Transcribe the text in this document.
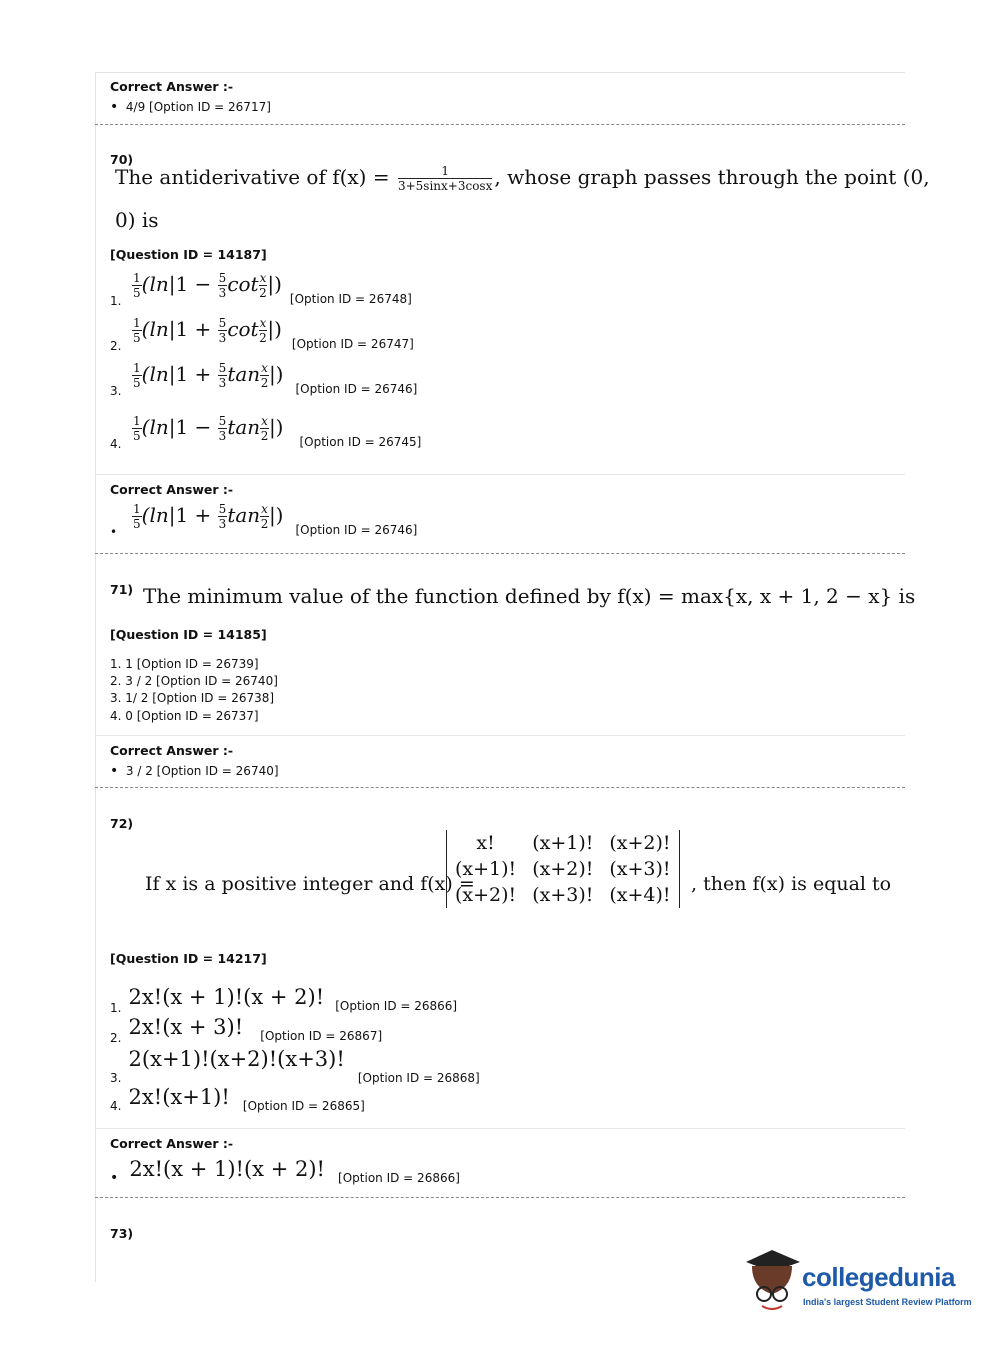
Correct Answer :-
• 4/9 [Option ID = 26717]
70)
The antiderivative of $f(x) = \frac{1}{3+5\sin x+3\cos x}$ , whose graph passes through the point (0,
0) is
[Question ID = 14187]
1.
$\frac{1}{5} (\ln|1 - \frac{5}{3}$ $\cot \frac{x}{2} |)_{[Option ID = 26748]}$
2.
$\frac{1}{5} (\ln|1 + \frac{5}{3}$ $\cot \frac{x}{2} |)_{[Option ID = 26747]}$
3.
$\frac{1}{5} (\ln|1 + \frac{5}{3}$ $\tan \frac{x}{2} |)_{[Option ID = 26746]}$
4.
$\frac{1}{5} (\ln|1 - \frac{5}{3}$ $\tan \frac{x}{2} |)_{[Option ID = 26745]}$
Correct Answer :-
•
$\frac{1}{5} (\ln|1 + \frac{5}{3}$ $\tan \frac{x}{2} |)_{[Option ID = 26746]}$
71) The minimum value of the function defined by f(x) = max{x, x + 1, 2 − x} is
[Question ID = 14185]
1. 1 [Option ID = 26739]
2. 3 / 2 [Option ID = 26740]
3. 1/ 2 [Option ID = 26738]
4. 0 [Option ID = 26737]
Correct Answer :-
• 3 / 2 [Option ID = 26740]
72)
If x is a positive integer and f(x) =
x!	(x+1)!	(x+2)!
(x+1)!	(x+2)!	(x+3)!
(x+2)!	(x+3)!	(x+4)! , then f(x) is equal to
[Question ID = 14217]
$_{1.}$ 2x!(x + 1)!(x + 2)! $_{[Option ID = 26866]}$
$_{2.}$ 2x!(x + 3)! $_{[Option ID = 26867]}$
$_{3.}$ 2(x+1)!(x+2)!(x+3)! $_{[Option ID = 26868]}$
$_{4.}$ 2x!(x+1)! $_{[Option ID = 26865]}$
Correct Answer :-
• 2x!(x + 1)!(x + 2)! $_{[Option ID = 26866]}$
73)
collegedunia
India's largest Student Review Platform
